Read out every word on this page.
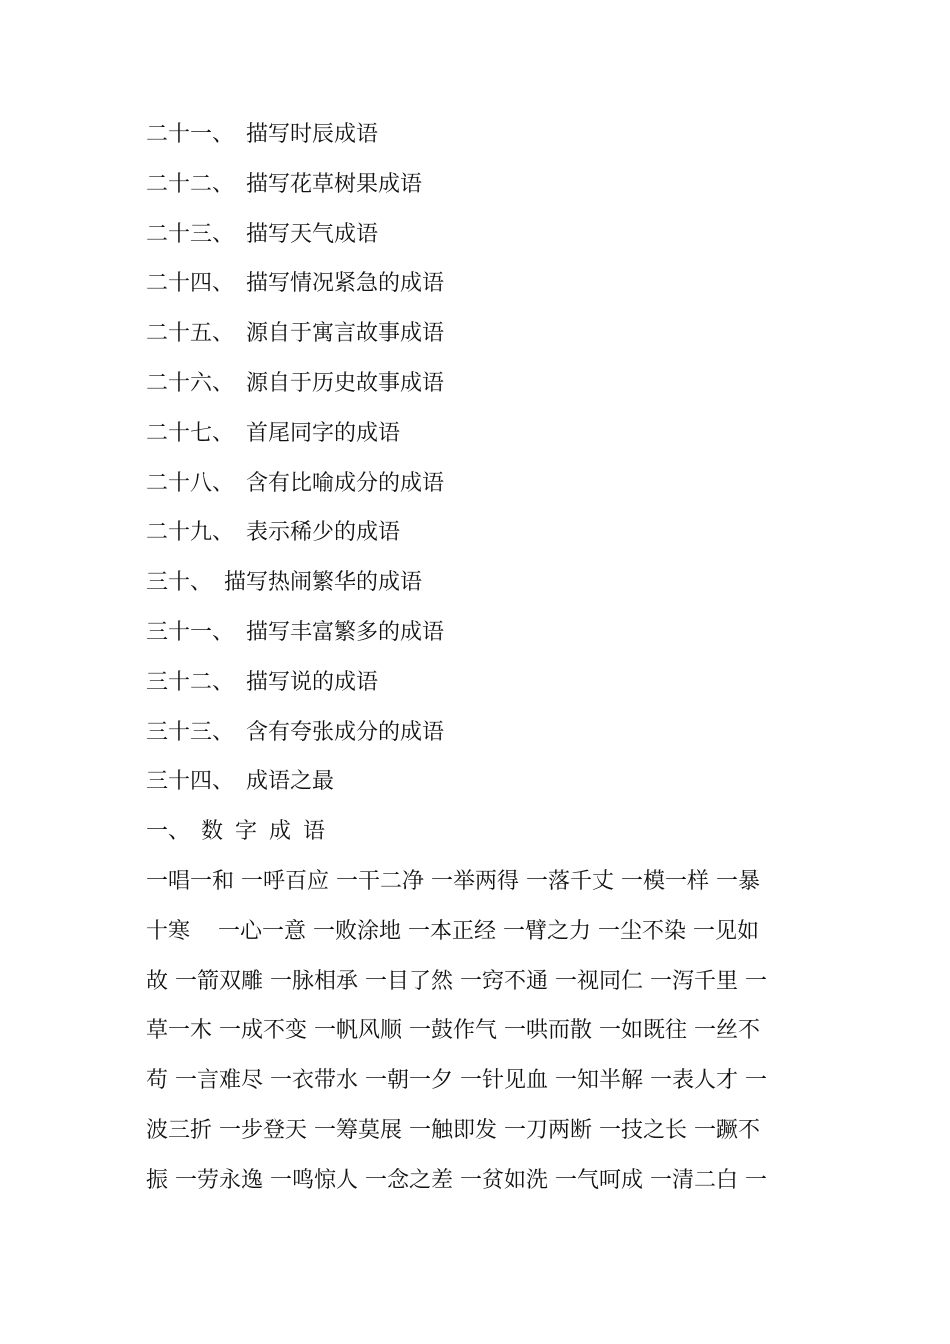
二十一、 描写时辰成语
二十二、 描写花草树果成语
二十三、 描写天气成语
二十四、 描写情况紧急的成语
二十五、 源自于寓言故事成语
二十六、 源自于历史故事成语
二十七、 首尾同字的成语
二十八、 含有比喻成分的成语
二十九、 表示稀少的成语
三十、 描写热闹繁华的成语
三十一、 描写丰富繁多的成语
三十二、 描写说的成语
三十三、 含有夸张成分的成语
三十四、 成语之最
一、 数字成语
一唱一和 一呼百应 一干二净 一举两得 一落千丈 一模一样 一暴
十寒    一心一意 一败涂地 一本正经 一臂之力 一尘不染 一见如
故 一箭双雕 一脉相承 一目了然 一窍不通 一视同仁 一泻千里 一
草一木 一成不变 一帆风顺 一鼓作气 一哄而散 一如既往 一丝不
苟 一言难尽 一衣带水 一朝一夕 一针见血 一知半解 一表人才 一
波三折 一步登天 一筹莫展 一触即发 一刀两断 一技之长 一蹶不
振 一劳永逸 一鸣惊人 一念之差 一贫如洗 一气呵成 一清二白 一
